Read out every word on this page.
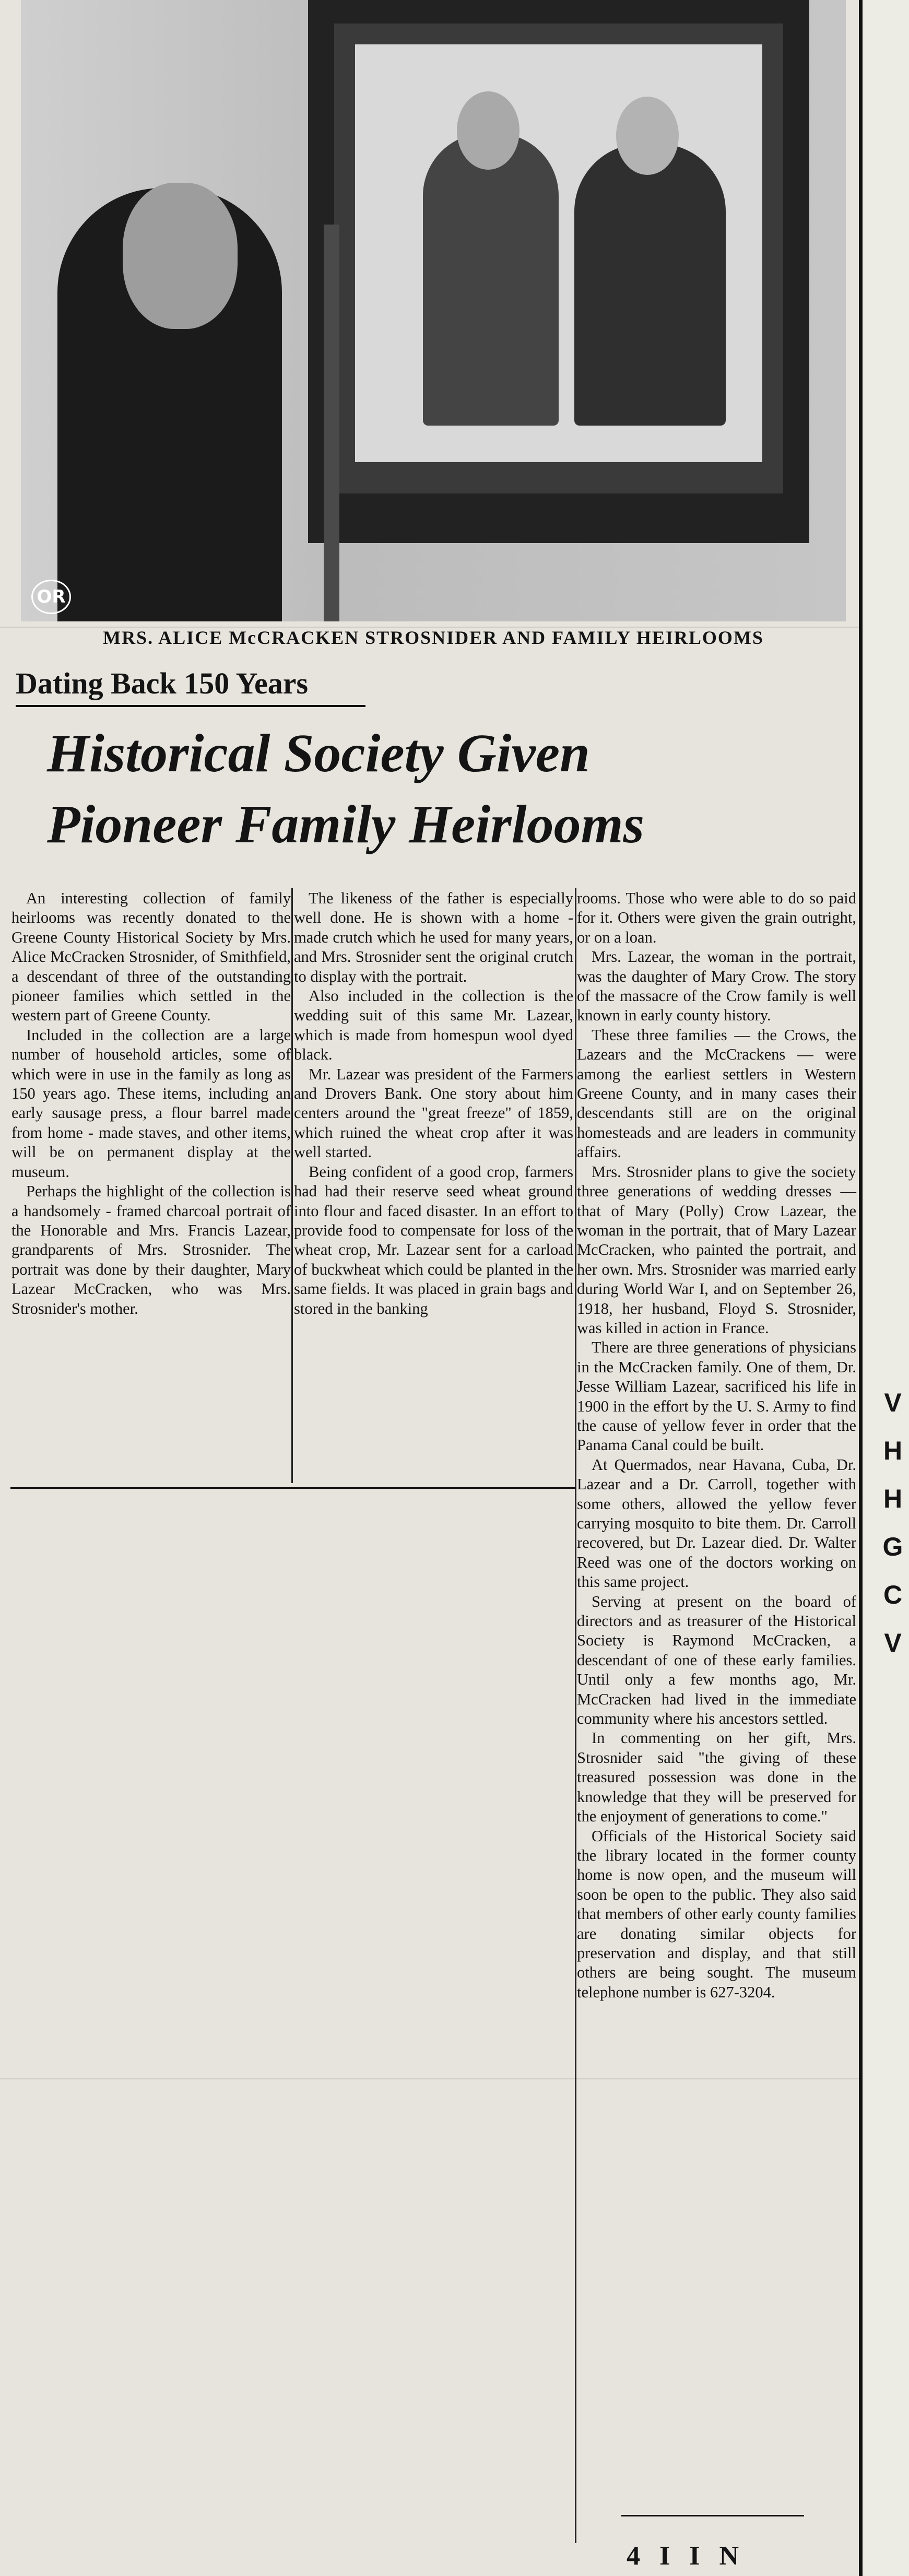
OR
MRS. ALICE McCRACKEN STROSNIDER AND FAMILY HEIRLOOMS
Dating Back 150 Years
Historical Society Given
Pioneer Family Heirlooms

An interesting collection of family heirlooms was recently donated to the Greene County Historical Society by Mrs. Alice McCracken Strosnider, of Smithfield, a descendant of three of the outstanding pioneer families which settled in the western part of Greene County.

Included in the collection are a large number of household articles, some of which were in use in the family as long as 150 years ago. These items, including an early sausage press, a flour barrel made from home - made staves, and other items, will be on permanent display at the museum.

Perhaps the highlight of the collection is a handsomely - framed charcoal portrait of the Honorable and Mrs. Francis Lazear, grandparents of Mrs. Strosnider. The portrait was done by their daughter, Mary Lazear McCracken, who was Mrs. Strosnider's mother.

The likeness of the father is especially well done. He is shown with a home - made crutch which he used for many years, and Mrs. Strosnider sent the original crutch to display with the portrait.

Also included in the collection is the wedding suit of this same Mr. Lazear, which is made from homespun wool dyed black.

Mr. Lazear was president of the Farmers and Drovers Bank. One story about him centers around the "great freeze" of 1859, which ruined the wheat crop after it was well started.

Being confident of a good crop, farmers had had their reserve seed wheat ground into flour and faced disaster. In an effort to provide food to compensate for loss of the wheat crop, Mr. Lazear sent for a carload of buckwheat which could be planted in the same fields. It was placed in grain bags and stored in the banking

rooms. Those who were able to do so paid for it. Others were given the grain outright, or on a loan.

Mrs. Lazear, the woman in the portrait, was the daughter of Mary Crow. The story of the massacre of the Crow family is well known in early county history.

These three families — the Crows, the Lazears and the McCrackens — were among the earliest settlers in Western Greene County, and in many cases their descendants still are on the original homesteads and are leaders in community affairs.

Mrs. Strosnider plans to give the society three generations of wedding dresses — that of Mary (Polly) Crow Lazear, the woman in the portrait, that of Mary Lazear McCracken, who painted the portrait, and her own. Mrs. Strosnider was married early during World War I, and on September 26, 1918, her husband, Floyd S. Strosnider, was killed in action in France.

There are three generations of physicians in the McCracken family. One of them, Dr. Jesse William Lazear, sacrificed his life in 1900 in the effort by the U. S. Army to find the cause of yellow fever in order that the Panama Canal could be built.

At Quermados, near Havana, Cuba, Dr. Lazear and a Dr. Carroll, together with some others, allowed the yellow fever carrying mosquito to bite them. Dr. Carroll recovered, but Dr. Lazear died. Dr. Walter Reed was one of the doctors working on this same project.

Serving at present on the board of directors and as treasurer of the Historical Society is Raymond McCracken, a descendant of one of these early families. Until only a few months ago, Mr. McCracken had lived in the immediate community where his ancestors settled.

In commenting on her gift, Mrs. Strosnider said "the giving of these treasured possession was done in the knowledge that they will be preserved for the enjoyment of generations to come."

Officials of the Historical Society said the library located in the former county home is now open, and the museum will soon be open to the public. They also said that members of other early county families are donating similar objects for preservation and display, and that still others are being sought. The museum telephone number is 627-3204.

4 I I N
V
H
H
G
C
V
